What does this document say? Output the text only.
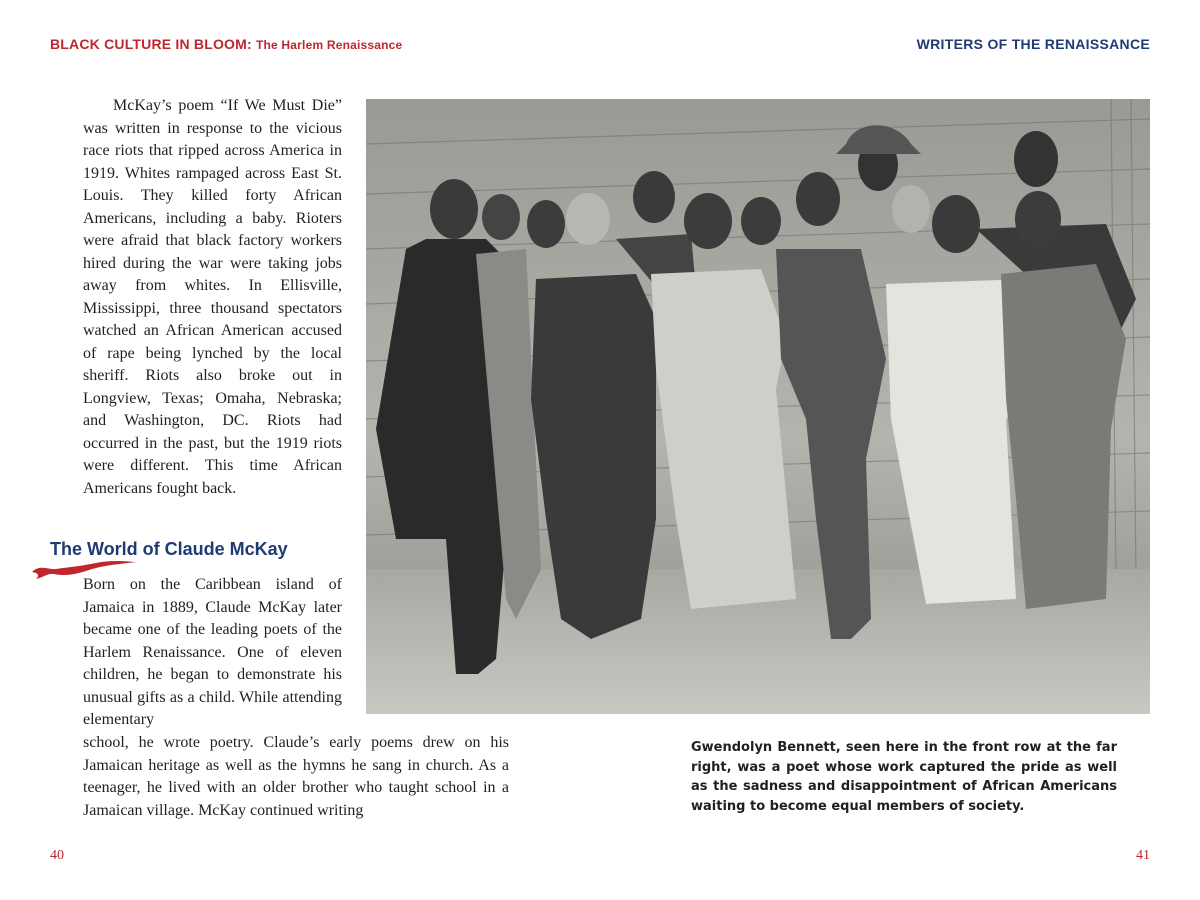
BLACK CULTURE IN BLOOM: The Harlem Renaissance	WRITERS OF THE RENAISSANCE

McKay’s poem “If We Must Die” was written in response to the vicious race riots that ripped across America in 1919. Whites rampaged across East St. Louis. They killed forty African Americans, including a baby. Rioters were afraid that black factory workers hired during the war were taking jobs away from whites. In Ellisville, Mississippi, three thousand spectators watched an African American accused of rape being lynched by the local sheriff. Riots also broke out in Longview, Texas; Omaha, Nebraska; and Washington, DC. Riots had occurred in the past, but the 1919 riots were different. This time African Americans fought back.

The World of Claude McKay

Born on the Caribbean island of Jamaica in 1889, Claude McKay later became one of the leading poets of the Harlem Renaissance. One of eleven children, he began to demonstrate his unusual gifts as a child. While attending elementary

school, he wrote poetry. Claude’s early poems drew on his Jamaican heritage as well as the hymns he sang in church. As a teenager, he lived with an older brother who taught school in a Jamaican village. McKay continued writing

Gwendolyn Bennett, seen here in the front row at the far right, was a poet whose work captured the pride as well as the sadness and disappointment of African Americans waiting to become equal members of society.

40	41
